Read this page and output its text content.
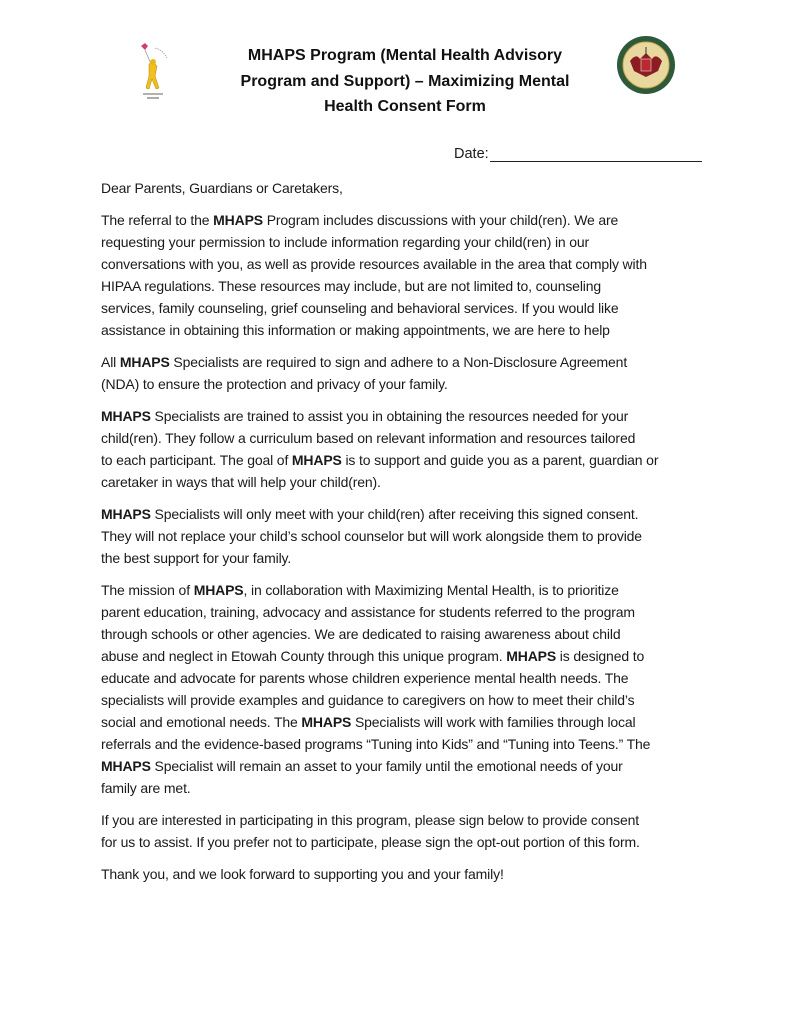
MHAPS Program (Mental Health Advisory
Program and Support) – Maximizing Mental
Health Consent Form
Date:

Dear Parents, Guardians or Caretakers,

The referral to the MHAPS Program includes discussions with your child(ren). We are
requesting your permission to include information regarding your child(ren) in our
conversations with you, as well as provide resources available in the area that comply with
HIPAA regulations. These resources may include, but are not limited to, counseling
services, family counseling, grief counseling and behavioral services. If you would like
assistance in obtaining this information or making appointments, we are here to help

All MHAPS Specialists are required to sign and adhere to a Non-Disclosure Agreement
(NDA) to ensure the protection and privacy of your family.

MHAPS Specialists are trained to assist you in obtaining the resources needed for your
child(ren). They follow a curriculum based on relevant information and resources tailored
to each participant. The goal of MHAPS is to support and guide you as a parent, guardian or
caretaker in ways that will help your child(ren).

MHAPS Specialists will only meet with your child(ren) after receiving this signed consent.
They will not replace your child’s school counselor but will work alongside them to provide
the best support for your family.

The mission of MHAPS, in collaboration with Maximizing Mental Health, is to prioritize
parent education, training, advocacy and assistance for students referred to the program
through schools or other agencies. We are dedicated to raising awareness about child
abuse and neglect in Etowah County through this unique program. MHAPS is designed to
educate and advocate for parents whose children experience mental health needs. The
specialists will provide examples and guidance to caregivers on how to meet their child’s
social and emotional needs. The MHAPS Specialists will work with families through local
referrals and the evidence-based programs “Tuning into Kids” and “Tuning into Teens.” The
MHAPS Specialist will remain an asset to your family until the emotional needs of your
family are met.

If you are interested in participating in this program, please sign below to provide consent
for us to assist. If you prefer not to participate, please sign the opt-out portion of this form.

Thank you, and we look forward to supporting you and your family!
